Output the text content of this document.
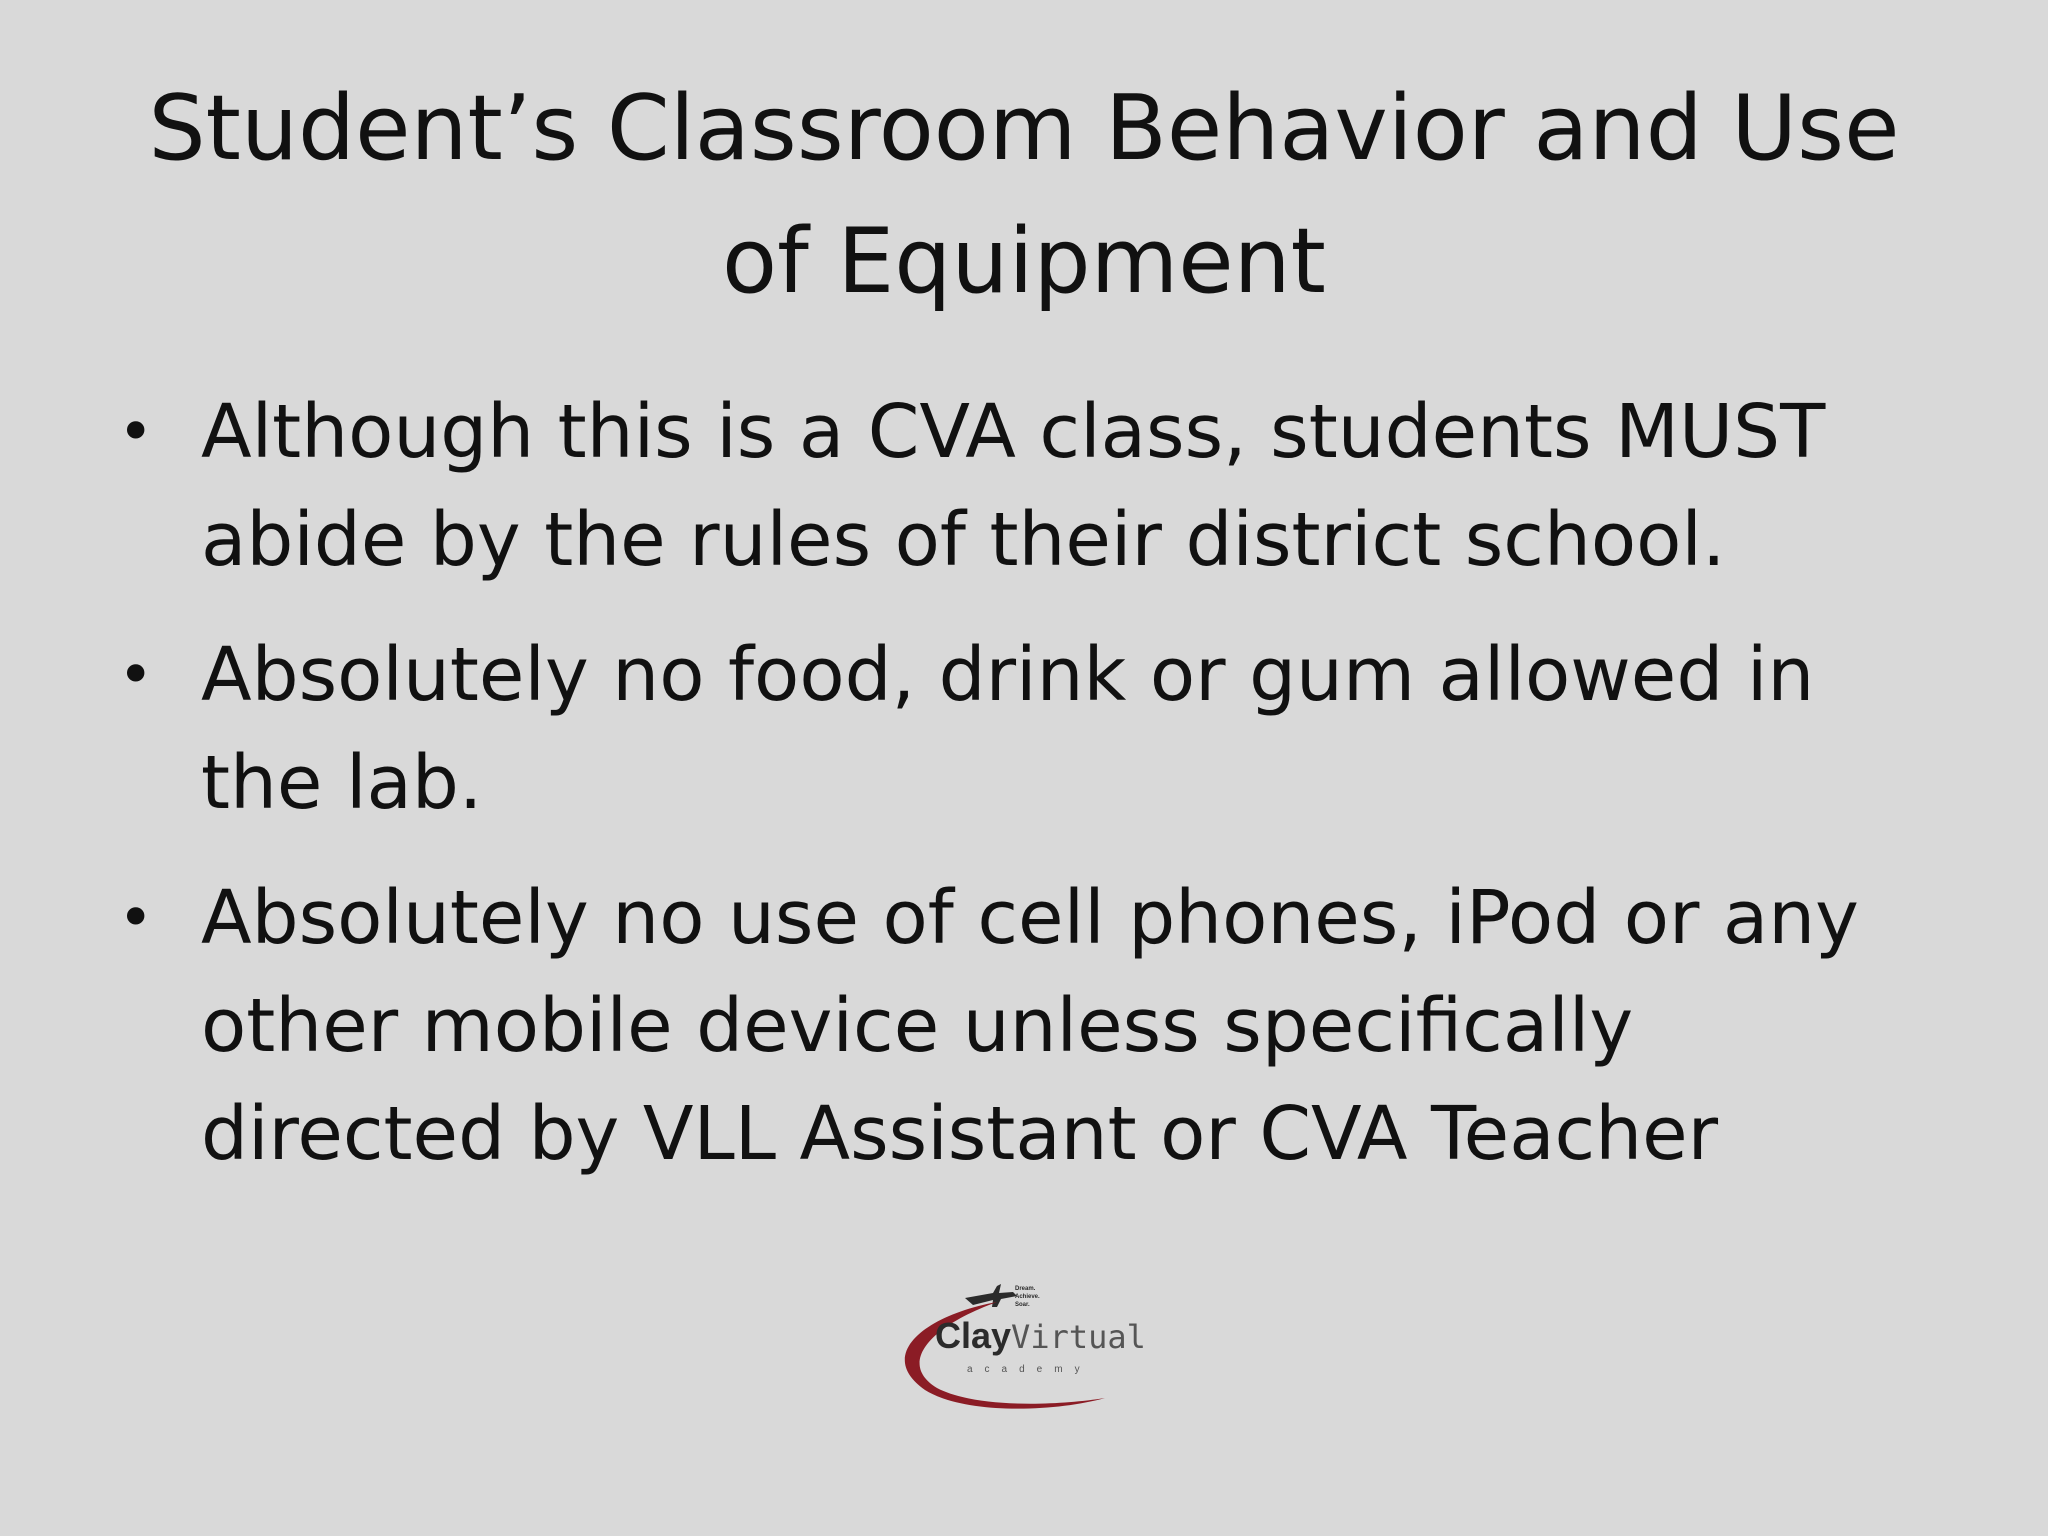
Student’s Classroom Behavior and Use
of Equipment
• Although this is a CVA class, students MUST
abide by the rules of their district school.
• Absolutely no food, drink or gum allowed in
the lab.
• Absolutely no use of cell phones, iPod or any
other mobile device unless specifically
directed by VLL Assistant or CVA Teacher
Dream.
Achieve.
Soar.
ClayVirtual
academy
